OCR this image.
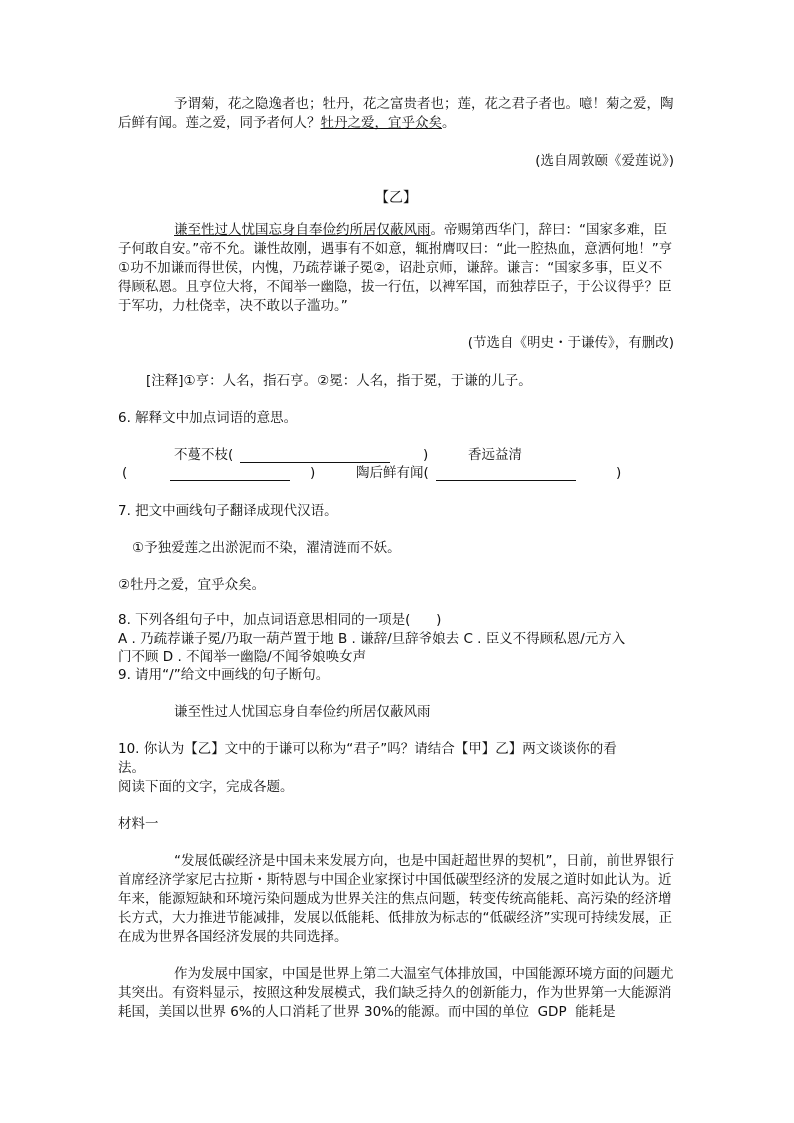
予谓菊，花之隐逸者也；牡丹，花之富贵者也；莲，花之君子者也。噫！菊之爱，陶后鲜有闻。莲之爱，同予者何人？牡丹之爱，宜乎众矣。

(选自周敦颐《爱莲说》)

【乙】

谦至性过人忧国忘身自奉俭约所居仅蔽风雨。帝赐第西华门，辞曰：“国家多难，臣子何敢自安。”帝不允。谦性故刚，遇事有不如意，辄拊膺叹曰：“此一腔热血，意洒何地！”亨①功不加谦而得世侯，内愧，乃疏荐谦子冕②，诏赴京师，谦辞。谦言：“国家多事，臣义不得顾私恩。且亨位大将，不闻举一幽隐，拔一行伍，以裨军国，而独荐臣子，于公议得乎？臣于军功，力杜侥幸，决不敢以子滥功。”

(节选自《明史・于谦传》，有删改)

[注释]①亨：人名，指石亨。②冕：人名，指于冕，于谦的儿子。

6. 解释文中加点词语的意思。

不蔓不枝(

	)

	香远益清

(

	)

	陶后鲜有闻(

	)

7. 把文中画线句子翻译成现代汉语。

①予独爱莲之出淤泥而不染，濯清涟而不妖。

②牡丹之爱，宜乎众矣。

8. 下列各组句子中，加点词语意思相同的一项是(      )

A . 乃疏荐谦子冕/乃取一葫芦置于地 B . 谦辞/旦辞爷娘去 C . 臣义不得顾私恩/元方入

门不顾 D . 不闻举一幽隐/不闻爷娘唤女声

9. 请用“/”给文中画线的句子断句。

谦至性过人忧国忘身自奉俭约所居仅蔽风雨

10. 你认为【乙】文中的于谦可以称为“君子”吗？请结合【甲】乙】两文谈谈你的看

法。

阅读下面的文字，完成各题。

材料一

“发展低碳经济是中国未来发展方向，也是中国赶超世界的契机”，日前，前世界银行首席经济学家尼古拉斯・斯特恩与中国企业家探讨中国低碳型经济的发展之道时如此认为。近年来，能源短缺和环境污染问题成为世界关注的焦点问题，转变传统高能耗、高污染的经济增长方式，大力推进节能减排，发展以低能耗、低排放为标志的“低碳经济”实现可持续发展，正在成为世界各国经济发展的共同选择。

作为发展中国家，中国是世界上第二大温室气体排放国，中国能源环境方面的问题尤其突出。有资料显示，按照这种发展模式，我们缺乏持久的创新能力，作为世界第一大能源消耗国，美国以世界 6%的人口消耗了世界 30%的能源。而中国的单位  GDP  能耗是
